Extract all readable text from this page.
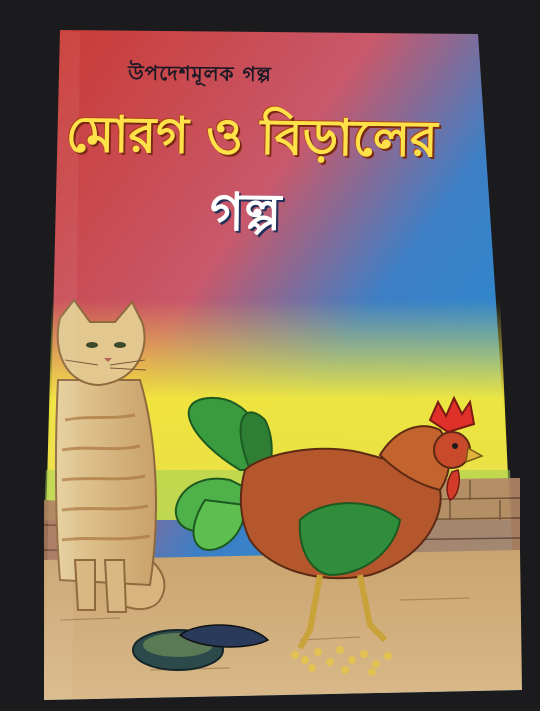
উপদেশমূলক গল্প
মোরগ ও বিড়ালের
গল্প
